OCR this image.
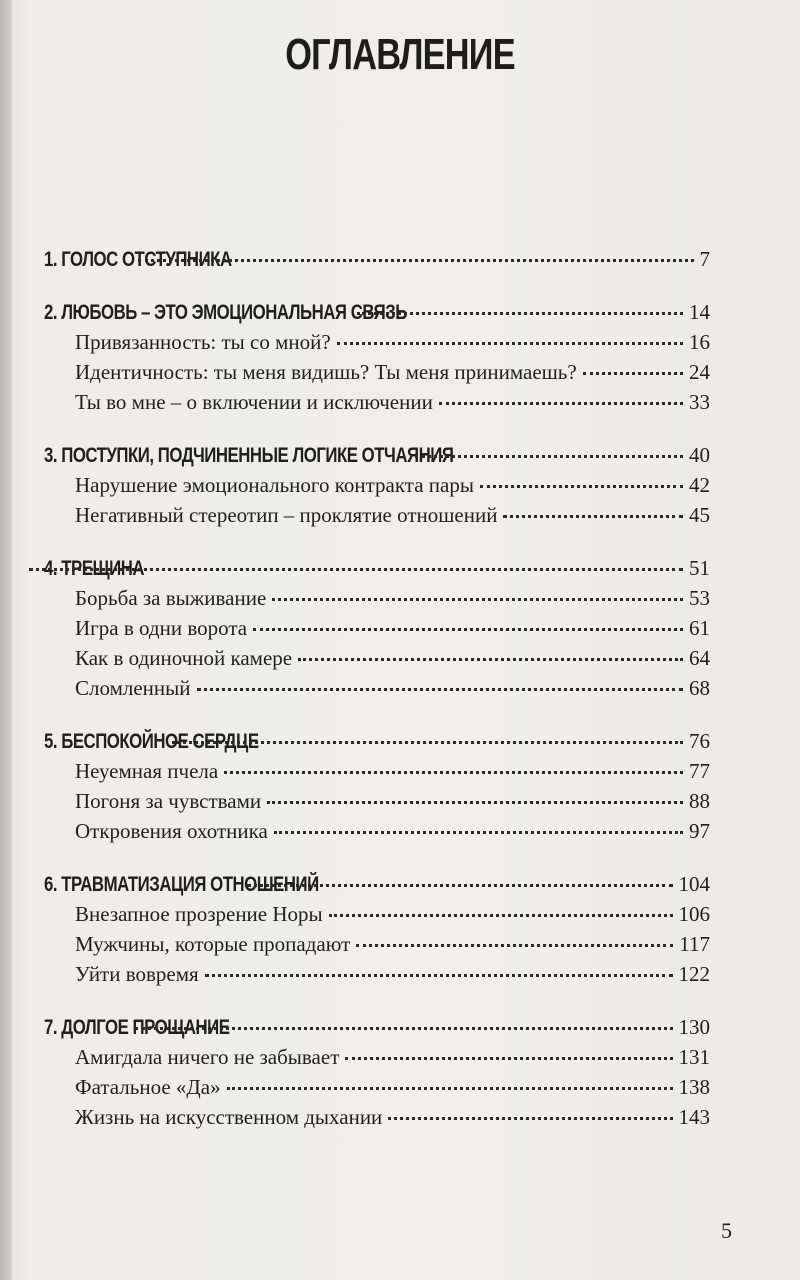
ОГЛАВЛЕНИЕ
1. ГОЛОС ОТСТУПНИКА	7
2. ЛЮБОВЬ – ЭТО ЭМОЦИОНАЛЬНАЯ СВЯЗЬ	14
Привязанность: ты со мной?	16
Идентичность: ты меня видишь? Ты меня принимаешь?	24
Ты во мне – о включении и исключении	33
3. ПОСТУПКИ, ПОДЧИНЕННЫЕ ЛОГИКЕ ОТЧАЯНИЯ	40
Нарушение эмоционального контракта пары	42
Негативный стереотип – проклятие отношений	45
4. ТРЕЩИНА	51
Борьба за выживание	53
Игра в одни ворота	61
Как в одиночной камере	64
Сломленный	68
5. БЕСПОКОЙНОЕ СЕРДЦЕ	76
Неуемная пчела	77
Погоня за чувствами	88
Откровения охотника	97
6. ТРАВМАТИЗАЦИЯ ОТНОШЕНИЙ	104
Внезапное прозрение Норы	106
Мужчины, которые пропадают	117
Уйти вовремя	122
7. ДОЛГОЕ ПРОЩАНИЕ	130
Амигдала ничего не забывает	131
Фатальное «Да»	138
Жизнь на искусственном дыхании	143
5
